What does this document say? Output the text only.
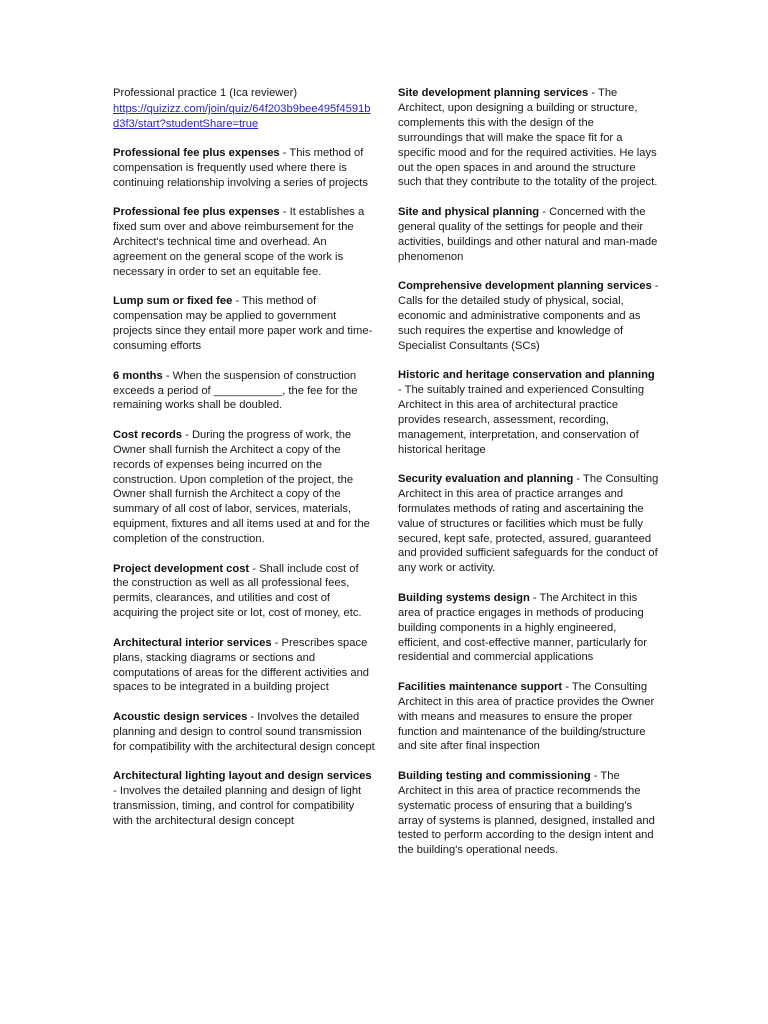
Professional practice 1 (Ica reviewer)

https://quizizz.com/join/quiz/64f203b9bee495f4591bd3f3/start?studentShare=true

Professional fee plus expenses - This method of compensation is frequently used where there is continuing relationship involving a series of projects

Professional fee plus expenses - It establishes a fixed sum over and above reimbursement for the Architect's technical time and overhead. An agreement on the general scope of the work is necessary in order to set an equitable fee.

Lump sum or fixed fee - This method of compensation may be applied to government projects since they entail more paper work and time-consuming efforts

6 months - When the suspension of construction exceeds a period of ___________, the fee for the remaining works shall be doubled.

Cost records - During the progress of work, the Owner shall furnish the Architect a copy of the records of expenses being incurred on the construction. Upon completion of the project, the Owner shall furnish the Architect a copy of the summary of all cost of labor, services, materials, equipment, fixtures and all items used at and for the completion of the construction.

Project development cost - Shall include cost of the construction as well as all professional fees, permits, clearances, and utilities and cost of acquiring the project site or lot, cost of money, etc.

Architectural interior services - Prescribes space plans, stacking diagrams or sections and computations of areas for the different activities and spaces to be integrated in a building project

Acoustic design services - Involves the detailed planning and design to control sound transmission for compatibility with the architectural design concept

Architectural lighting layout and design services - Involves the detailed planning and design of light transmission, timing, and control for compatibility with the architectural design concept

Site development planning services - The Architect, upon designing a building or structure, complements this with the design of the surroundings that will make the space fit for a specific mood and for the required activities. He lays out the open spaces in and around the structure such that they contribute to the totality of the project.

Site and physical planning - Concerned with the general quality of the settings for people and their activities, buildings and other natural and man-made phenomenon

Comprehensive development planning services - Calls for the detailed study of physical, social, economic and administrative components and as such requires the expertise and knowledge of Specialist Consultants (SCs)

Historic and heritage conservation and planning - The suitably trained and experienced Consulting Architect in this area of architectural practice provides research, assessment, recording, management, interpretation, and conservation of historical heritage

Security evaluation and planning - The Consulting Architect in this area of practice arranges and formulates methods of rating and ascertaining the value of structures or facilities which must be fully secured, kept safe, protected, assured, guaranteed and provided sufficient safeguards for the conduct of any work or activity.

Building systems design - The Architect in this area of practice engages in methods of producing building components in a highly engineered, efficient, and cost-effective manner, particularly for residential and commercial applications

Facilities maintenance support - The Consulting Architect in this area of practice provides the Owner with means and measures to ensure the proper function and maintenance of the building/structure and site after final inspection

Building testing and commissioning - The Architect in this area of practice recommends the systematic process of ensuring that a building's array of systems is planned, designed, installed and tested to perform according to the design intent and the building's operational needs.
